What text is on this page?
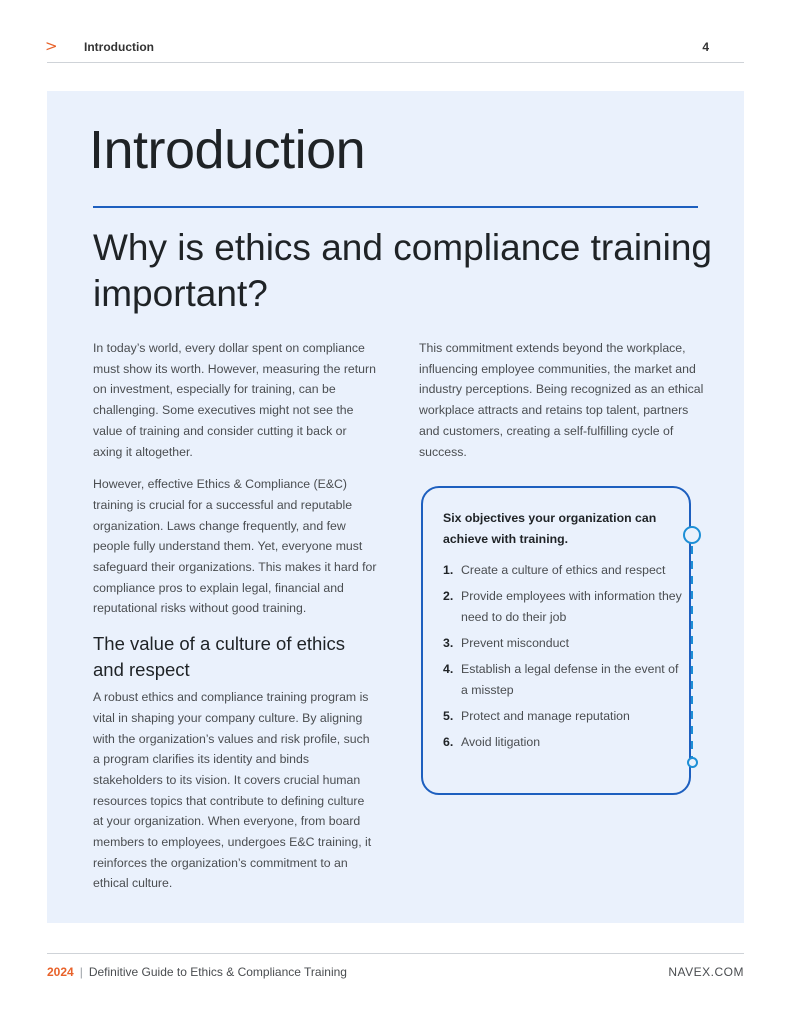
> Introduction	4
Introduction
Why is ethics and compliance training important?

In today’s world, every dollar spent on compliance must show its worth. However, measuring the return on investment, especially for training, can be challenging. Some executives might not see the value of training and consider cutting it back or axing it altogether.

However, effective Ethics & Compliance (E&C) training is crucial for a successful and reputable organization. Laws change frequently, and few people fully understand them. Yet, everyone must safeguard their organizations. This makes it hard for compliance pros to explain legal, financial and reputational risks without good training.

The value of a culture of ethics and respect

A robust ethics and compliance training program is vital in shaping your company culture. By aligning with the organization’s values and risk profile, such a program clarifies its identity and binds stakeholders to its vision. It covers crucial human resources topics that contribute to defining culture at your organization. When everyone, from board members to employees, undergoes E&C training, it reinforces the organization’s commitment to an ethical culture.

This commitment extends beyond the workplace, influencing employee communities, the market and industry perceptions. Being recognized as an ethical workplace attracts and retains top talent, partners and customers, creating a self-fulfilling cycle of success.

Six objectives your organization can achieve with training.
1. Create a culture of ethics and respect
2. Provide employees with information they need to do their job
3. Prevent misconduct
4. Establish a legal defense in the event of a misstep
5. Protect and manage reputation
6. Avoid litigation
2024 | Definitive Guide to Ethics & Compliance Training	NAVEX.COM
